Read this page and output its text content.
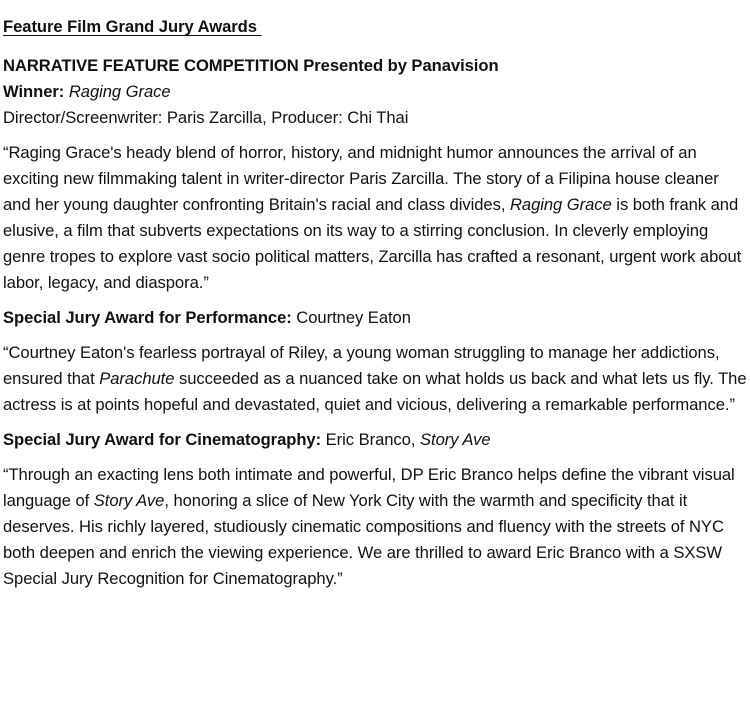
Feature Film Grand Jury Awards

NARRATIVE FEATURE COMPETITION Presented by Panavision

Winner: Raging Grace

Director/Screenwriter: Paris Zarcilla, Producer: Chi Thai

“Raging Grace's heady blend of horror, history, and midnight humor announces the arrival of an exciting new filmmaking talent in writer-director Paris Zarcilla. The story of a Filipina house cleaner and her young daughter confronting Britain's racial and class divides, Raging Grace is both frank and elusive, a film that subverts expectations on its way to a stirring conclusion. In cleverly employing genre tropes to explore vast socio political matters, Zarcilla has crafted a resonant, urgent work about labor, legacy, and diaspora.”

Special Jury Award for Performance: Courtney Eaton

“Courtney Eaton's fearless portrayal of Riley, a young woman struggling to manage her addictions, ensured that Parachute succeeded as a nuanced take on what holds us back and what lets us fly. The actress is at points hopeful and devastated, quiet and vicious, delivering a remarkable performance.”

Special Jury Award for Cinematography: Eric Branco, Story Ave

“Through an exacting lens both intimate and powerful, DP Eric Branco helps define the vibrant visual language of Story Ave, honoring a slice of New York City with the warmth and specificity that it deserves. His richly layered, studiously cinematic compositions and fluency with the streets of NYC both deepen and enrich the viewing experience. We are thrilled to award Eric Branco with a SXSW Special Jury Recognition for Cinematography.”
